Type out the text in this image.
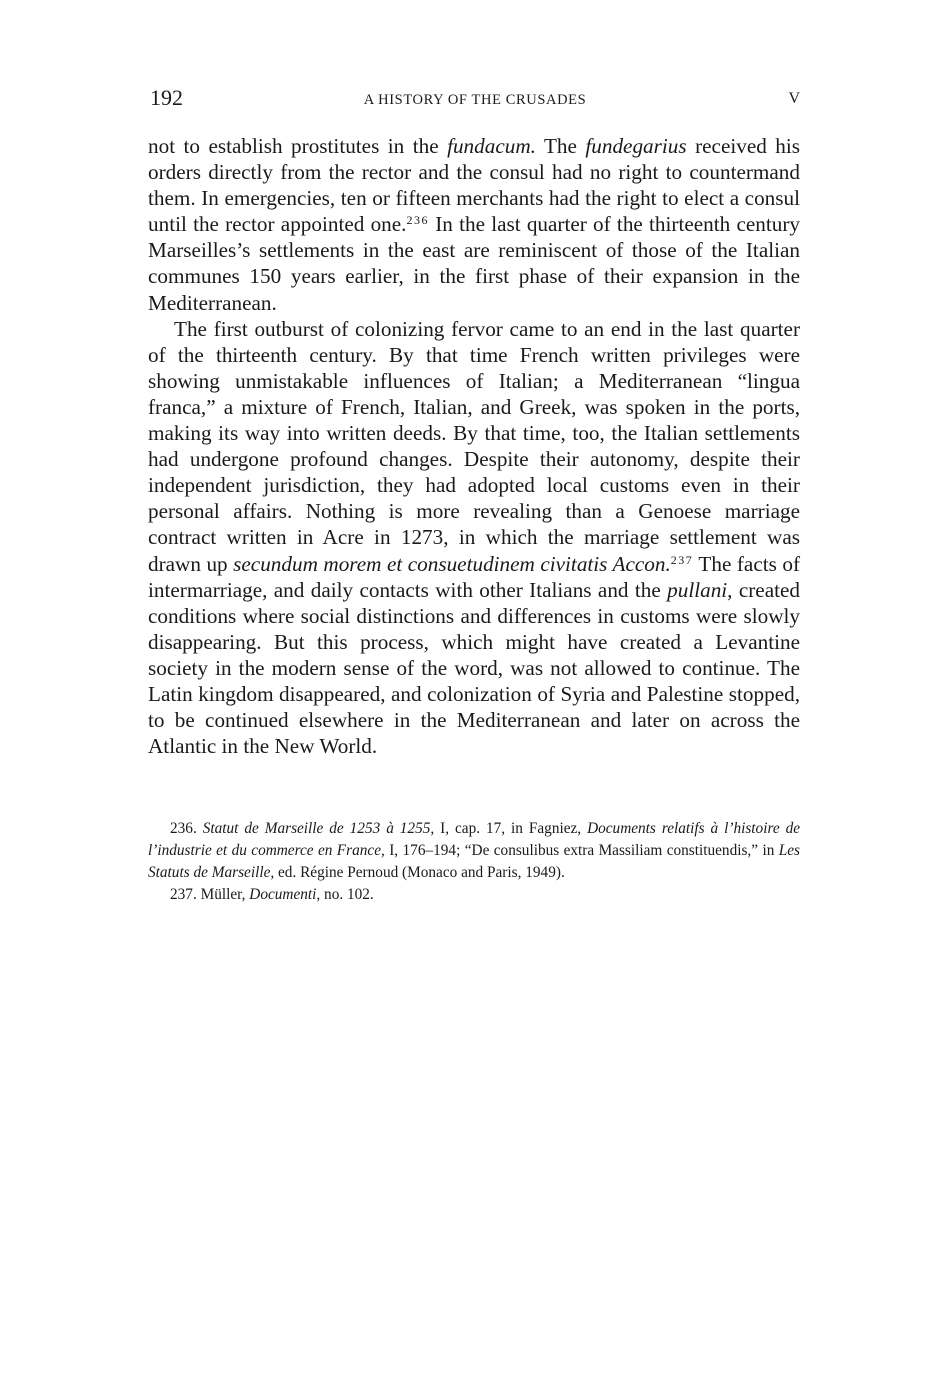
192	A HISTORY OF THE CRUSADES	V

not to establish prostitutes in the fundacum. The fundegarius received his orders directly from the rector and the consul had no right to countermand them. In emergencies, ten or fifteen merchants had the right to elect a consul until the rector appointed one.$^{236}$ In the last quarter of the thirteenth century Marseilles’s settlements in the east are reminiscent of those of the Italian communes 150 years earlier, in the first phase of their expansion in the Mediterranean.

The first outburst of colonizing fervor came to an end in the last quarter of the thirteenth century. By that time French written privileges were showing unmistakable influences of Italian; a Mediterranean “lingua franca,” a mixture of French, Italian, and Greek, was spoken in the ports, making its way into written deeds. By that time, too, the Italian settlements had undergone profound changes. Despite their autonomy, despite their independent jurisdiction, they had adopted local customs even in their personal affairs. Nothing is more revealing than a Genoese marriage contract written in Acre in 1273, in which the marriage settlement was drawn up secundum morem et consuetudinem civitatis Accon.$^{237}$ The facts of intermarriage, and daily contacts with other Italians and the pullani, created conditions where social distinctions and differences in customs were slowly disappearing. But this process, which might have created a Levantine society in the modern sense of the word, was not allowed to continue. The Latin kingdom disappeared, and colonization of Syria and Palestine stopped, to be continued elsewhere in the Mediterranean and later on across the Atlantic in the New World.

236. Statut de Marseille de 1253 à 1255, I, cap. 17, in Fagniez, Documents relatifs à l’histoire de l’industrie et du commerce en France, I, 176–194; “De consulibus extra Massiliam constituendis,” in Les Statuts de Marseille, ed. Régine Pernoud (Monaco and Paris, 1949).

237. Müller, Documenti, no. 102.
